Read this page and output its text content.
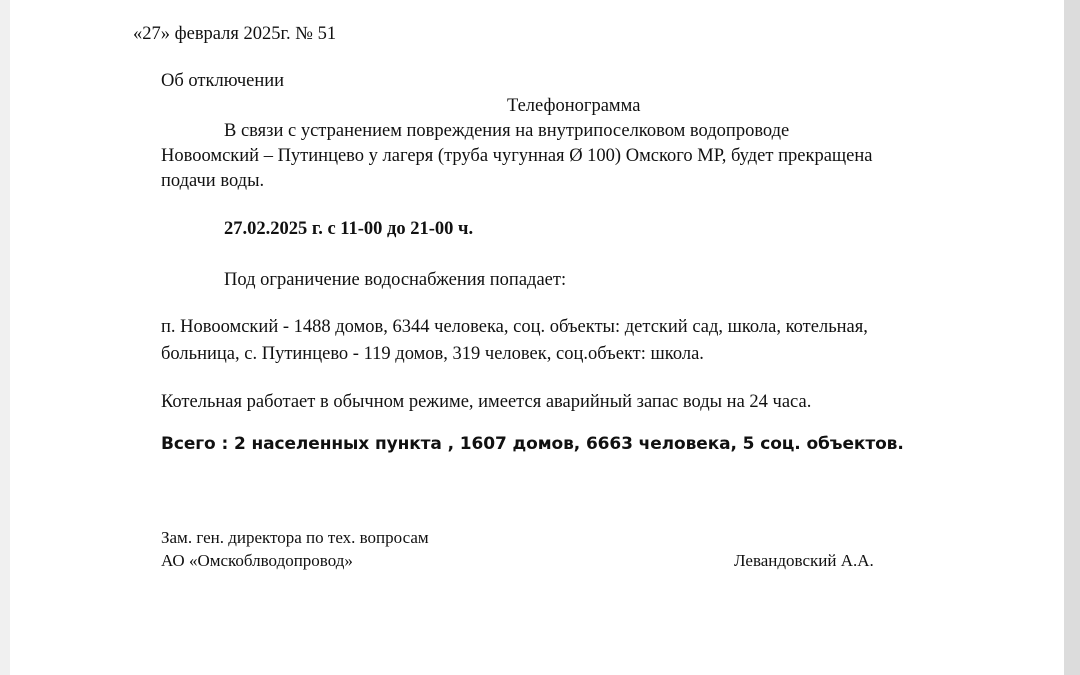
«27» февраля 2025г. № 51
Об отключении
Телефонограмма
В связи с устранением повреждения на внутрипоселковом водопроводе
Новоомский – Путинцево у лагеря (труба чугунная Ø 100) Омского МР, будет прекращена
подачи воды.
27.02.2025 г. с 11-00 до 21-00 ч.
Под ограничение водоснабжения попадает:
п. Новоомский - 1488 домов, 6344 человека, соц. объекты: детский сад, школа, котельная,
больница, с. Путинцево - 119 домов, 319 человек, соц.объект: школа.
Котельная работает в обычном режиме, имеется аварийный запас воды на 24 часа.
Всего : 2 населенных пункта , 1607 домов, 6663 человека, 5 соц. объектов.
Зам. ген. директора по тех. вопросам
АО «Омскоблводопровод»	Левандовский А.А.
